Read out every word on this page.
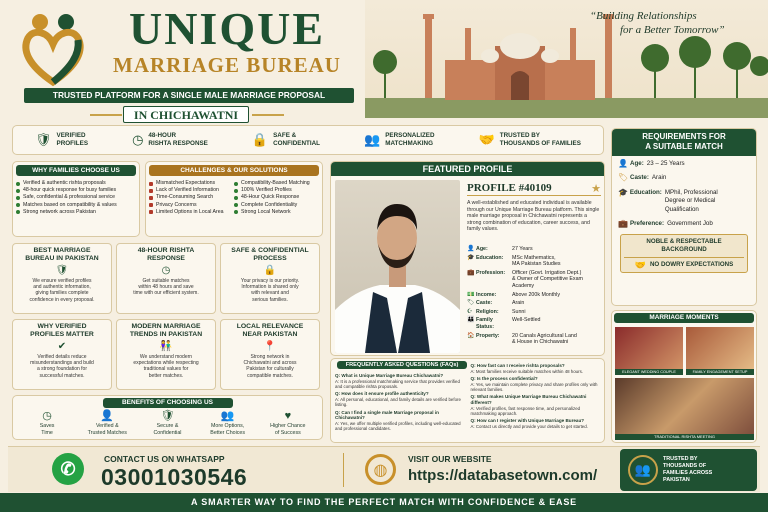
UNIQUE
MARRIAGE BUREAU
TRUSTED PLATFORM FOR A SINGLE MALE MARRIAGE PROPOSAL
IN CHICHAWATNI
“Building Relationships
for a Better Tomorrow”
🛡 VERIFIED
PROFILES	◷ 48-HOUR
RISHTA RESPONSE	🔒 SAFE &
CONFIDENTIAL	👥 PERSONALIZED
MATCHMAKING	🤝 TRUSTED BY
THOUSANDS OF FAMILIES
WHY FAMILIES CHOOSE US
Verified & authentic rishta proposals
48-hour quick response for busy families
Safe, confidential & professional service
Matches based on compatibility & values
Strong network across Pakistan
CHALLENGES & OUR SOLUTIONS
Mismatched Expectations
Lack of Verified Information
Time-Consuming Search
Privacy Concerns
Limited Options in Local Area
Compatibility-Based Matching
100% Verified Profiles
48-Hour Quick Response
Complete Confidentiality
Strong Local Network
BEST MARRIAGE
BUREAU IN PAKISTAN
🛡
We ensure verified profiles
and authentic information,
giving families complete
confidence in every proposal.
48-HOUR RISHTA
RESPONSE
◷
Get suitable matches
within 48 hours and save
time with our efficient system.
SAFE & CONFIDENTIAL
PROCESS
🔒
Your privacy is our priority.
Information is shared only
with relevant and
serious families.
WHY VERIFIED
PROFILES MATTER
✔
Verified details reduce
misunderstandings and build
a strong foundation for
successful matches.
MODERN MARRIAGE
TRENDS IN PAKISTAN
👫
We understand modern
expectations while respecting
traditional values for
better matches.
LOCAL RELEVANCE
NEAR PAKISTAN
📍
Strong network in
Chichawatni and across
Pakistan for culturally
compatible matches.
BENEFITS OF CHOOSING US
◷
Saves
Time
👤
Verified &
Trusted Matches
🛡
Secure &
Confidential
👥
More Options,
Better Choices
♥
Higher Chance
of Success
FEATURED PROFILE
PROFILE #40109	★
A well-established and educated individual is available through our Unique Marriage Bureau platform. This single male marriage proposal in Chichawatni represents a strong combination of education, career success, and family values.
👤 Age:	27 Years
🎓 Education:	MSc Mathematics,
MA Pakistan Studies
💼 Profession:	Officer (Govt. Irrigation Dept.)
& Owner of Competitive Exam
Academy
💵 Income:	Above 200k Monthly
🏷 Caste:	Arain
☪ Religion:	Sunni
👪 Family Status:
Well-Settled
🏠 Property:	20 Canals Agricultural Land
& House in Chichawatni
FREQUENTLY ASKED QUESTIONS (FAQs)
Q: What is Unique Marriage Bureau Chichawatni?
A: It is a professional matchmaking service that provides verified and compatible rishta proposals.
Q: How does it ensure profile authenticity?
A: All personal, educational, and family details are verified before listing.
Q: Can I find a single male Marriage proposal in Chichawatni?
A: Yes, we offer multiple verified profiles, including well-educated and professional candidates.
Q: How fast can I receive rishta proposals?
A: Most families receive suitable matches within 48 hours.
Q: Is the process confidential?
A: Yes, we maintain complete privacy and share profiles only with relevant families.
Q: What makes Unique Marriage Bureau Chichawatni different?
A: Verified profiles, fast response time, and personalized matchmaking approach.
Q: How can I register with Unique Marriage Bureau?
A: Contact us directly and provide your details to get started.
REQUIREMENTS FOR
A SUITABLE MATCH
👤 Age: 23 – 25 Years
🏷 Caste: Arain
🎓 Education: MPhil, Professional
Degree or Medical Qualification
💼 Preference: Government Job
NOBLE & RESPECTABLE
BACKGROUND
🤝 NO DOWRY EXPECTATIONS
MARRIAGE MOMENTS
ELEGANT WEDDING COUPLE	FAMILY ENGAGEMENT SETUP
TRADITIONAL RISHTA MEETING
✆	CONTACT US ON WHATSAPP
03001030546	◍
VISIT OUR WEBSITE
https://databasetown.com/	👥
TRUSTED BY
THOUSANDS OF
FAMILIES ACROSS
PAKISTAN
A SMARTER WAY TO FIND THE PERFECT MATCH WITH CONFIDENCE & EASE
